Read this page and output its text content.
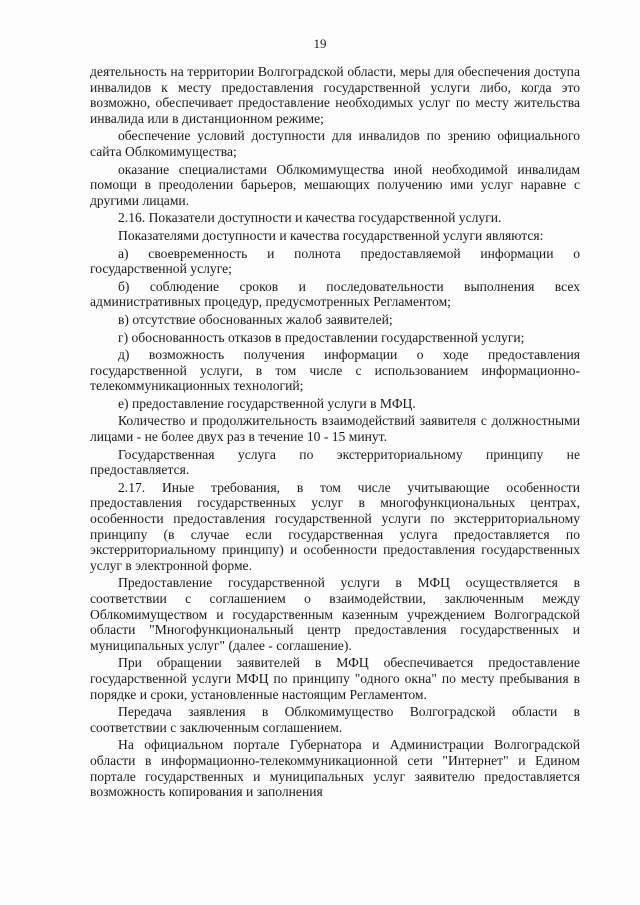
19

деятельность на территории Волгоградской области, меры для обеспечения доступа инвалидов к месту предоставления государственной услуги либо, когда это возможно, обеспечивает предоставление необходимых услуг по месту жительства инвалида или в дистанционном режиме;

обеспечение условий доступности для инвалидов по зрению официального сайта Облкомимущества;

оказание специалистами Облкомимущества иной необходимой инвалидам помощи в преодолении барьеров, мешающих получению ими услуг наравне с другими лицами.

2.16. Показатели доступности и качества государственной услуги.

Показателями доступности и качества государственной услуги являются:

а) своевременность и полнота предоставляемой информации о государственной услуге;

б) соблюдение сроков и последовательности выполнения всех административных процедур, предусмотренных Регламентом;

в) отсутствие обоснованных жалоб заявителей;

г) обоснованность отказов в предоставлении государственной услуги;

д) возможность получения информации о ходе предоставления государственной услуги, в том числе с использованием информационно-телекоммуникационных технологий;

е) предоставление государственной услуги в МФЦ.

Количество и продолжительность взаимодействий заявителя с должностными лицами - не более двух раз в течение 10 - 15 минут.

Государственная услуга по экстерриториальному принципу не предоставляется.

2.17. Иные требования, в том числе учитывающие особенности предоставления государственных услуг в многофункциональных центрах, особенности предоставления государственной услуги по экстерриториальному принципу (в случае если государственная услуга предоставляется по экстерриториальному принципу) и особенности предоставления государственных услуг в электронной форме.

Предоставление государственной услуги в МФЦ осуществляется в соответствии с соглашением о взаимодействии, заключенным между Облкомимуществом и государственным казенным учреждением Волгоградской области "Многофункциональный центр предоставления государственных и муниципальных услуг" (далее - соглашение).

При обращении заявителей в МФЦ обеспечивается предоставление государственной услуги МФЦ по принципу "одного окна" по месту пребывания в порядке и сроки, установленные настоящим Регламентом.

Передача заявления в Облкомимущество Волгоградской области в соответствии с заключенным соглашением.

На официальном портале Губернатора и Администрации Волгоградской области в информационно-телекоммуникационной сети "Интернет" и Едином портале государственных и муниципальных услуг заявителю предоставляется возможность копирования и заполнения
